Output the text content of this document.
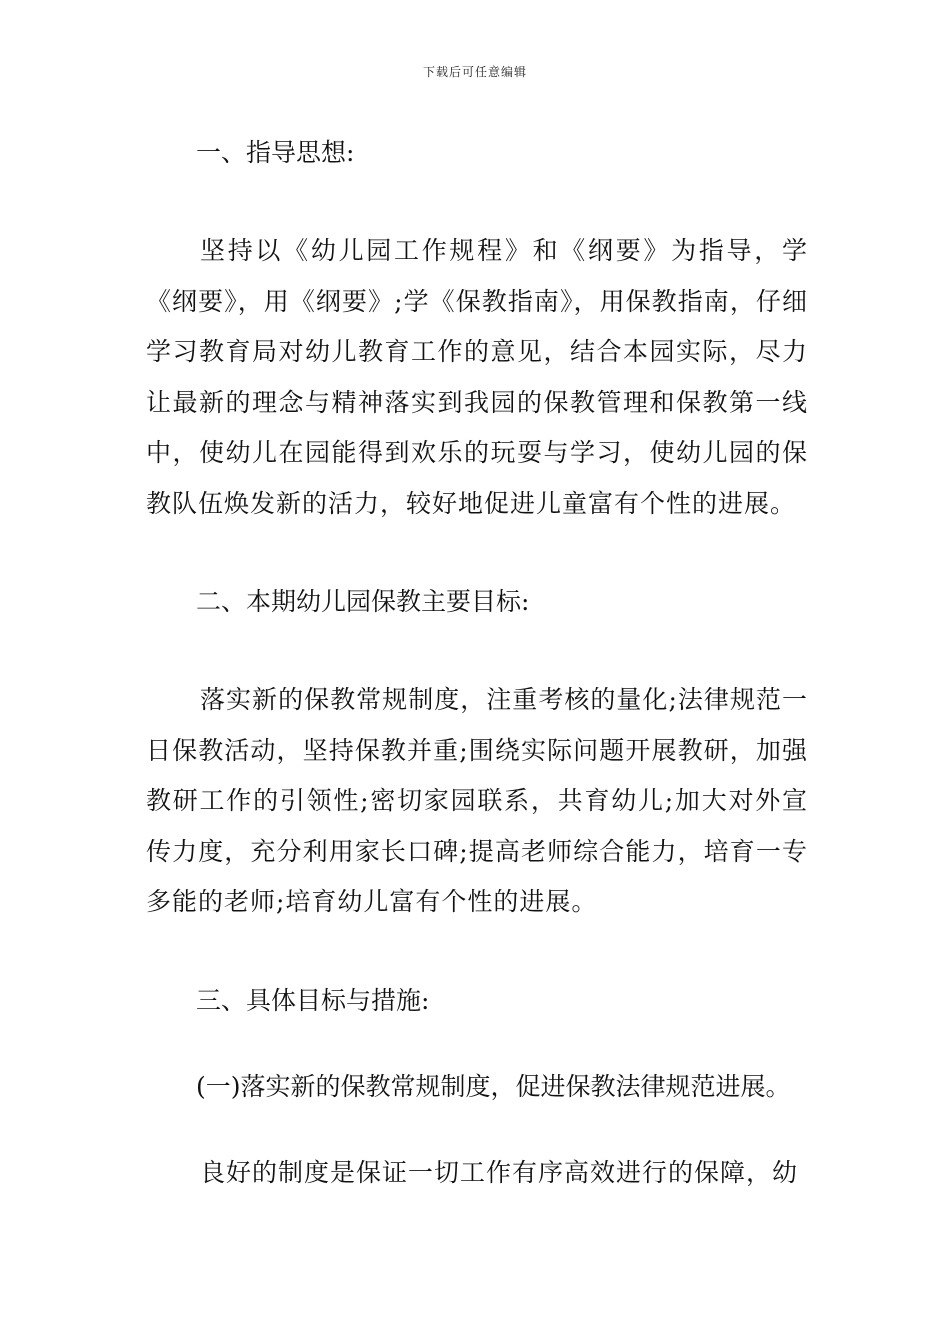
下载后可任意编辑

一、指导思想:

坚持以《幼儿园工作规程》和《纲要》为指导，学《纲要》，用《纲要》;学《保教指南》，用保教指南，仔细学习教育局对幼儿教育工作的意见，结合本园实际，尽力让最新的理念与精神落实到我园的保教管理和保教第一线中，使幼儿在园能得到欢乐的玩耍与学习，使幼儿园的保教队伍焕发新的活力，较好地促进儿童富有个性的进展。

二、本期幼儿园保教主要目标:

落实新的保教常规制度，注重考核的量化;法律规范一日保教活动，坚持保教并重;围绕实际问题开展教研，加强教研工作的引领性;密切家园联系，共育幼儿;加大对外宣传力度，充分利用家长口碑;提高老师综合能力，培育一专多能的老师;培育幼儿富有个性的进展。

三、具体目标与措施:

(一)落实新的保教常规制度，促进保教法律规范进展。

良好的制度是保证一切工作有序高效进行的保障，幼
